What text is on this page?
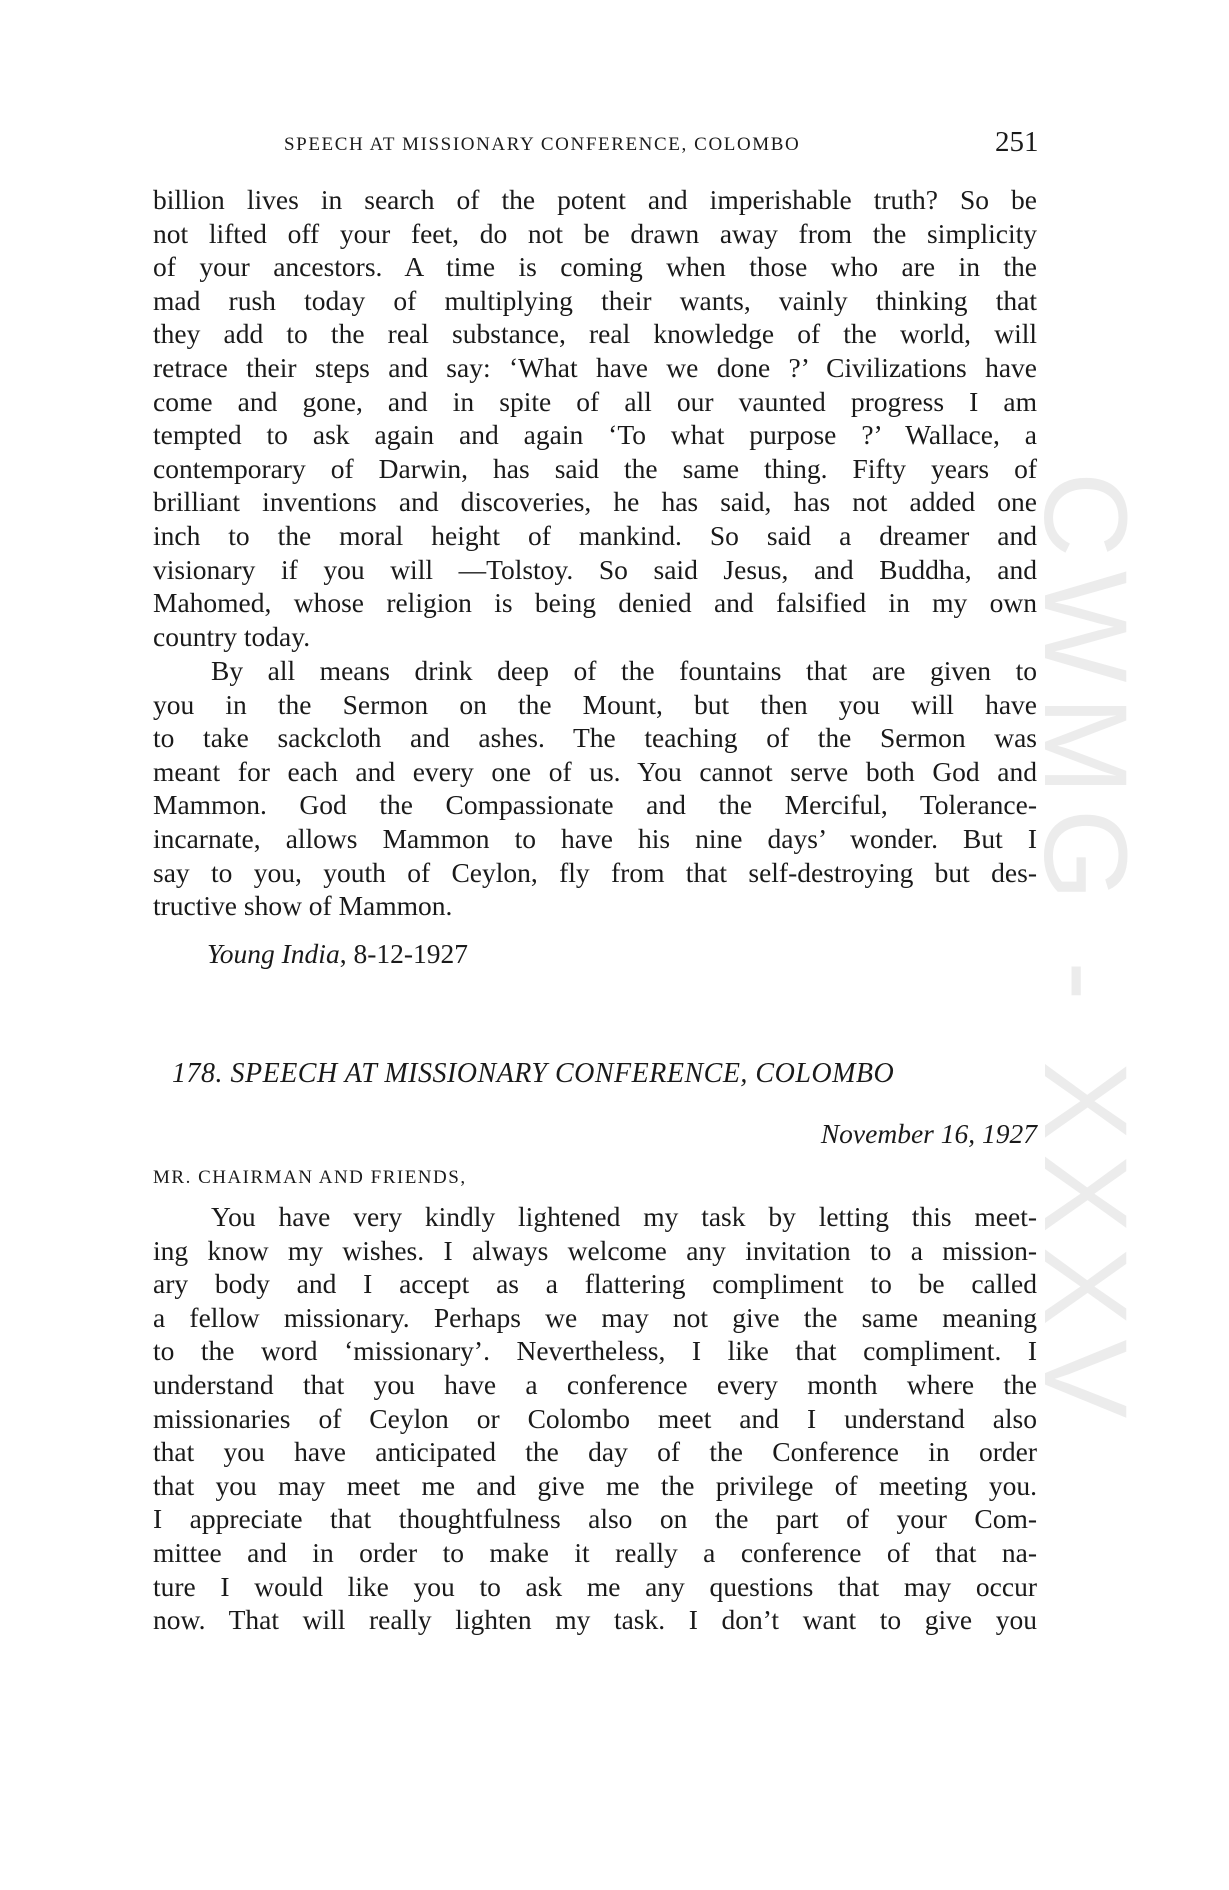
CWMG - XXXV
SPEECH AT MISSIONARY CONFERENCE, COLOMBO	251
billion lives in search of the potent and imperishable truth? So be
not lifted off your feet, do not be drawn away from the simplicity
of your ancestors. A time is coming when those who are in the
mad rush today of multiplying their wants, vainly thinking that
they add to the real substance, real knowledge of the world, will
retrace their steps and say: ‘What have we done ?’ Civilizations have
come and gone, and in spite of all our vaunted progress I am
tempted to ask again and again ‘To what purpose ?’ Wallace, a
contemporary of Darwin, has said the same thing. Fifty years of
brilliant inventions and discoveries, he has said, has not added one
inch to the moral height of mankind. So said a dreamer and
visionary if you will —Tolstoy. So said Jesus, and Buddha, and
Mahomed, whose religion is being denied and falsified in my own
country today.
By all means drink deep of the fountains that are given to
you in the Sermon on the Mount, but then you will have
to take sackcloth and ashes. The teaching of the Sermon was
meant for each and every one of us. You cannot serve both God and
Mammon. God the Compassionate and the Merciful, Tolerance-
incarnate, allows Mammon to have his nine days’ wonder. But I
say to you, youth of Ceylon, fly from that self-destroying but des-
tructive show of Mammon.
Young India, 8-12-1927
178. SPEECH AT MISSIONARY CONFERENCE, COLOMBO
November 16, 1927
MR. CHAIRMAN AND FRIENDS,
You have very kindly lightened my task by letting this meet-
ing know my wishes. I always welcome any invitation to a mission-
ary body and I accept as a flattering compliment to be called
a fellow missionary. Perhaps we may not give the same meaning
to the word ‘missionary’. Nevertheless, I like that compliment. I
understand that you have a conference every month where the
missionaries of Ceylon or Colombo meet and I understand also
that you have anticipated the day of the Conference in order
that you may meet me and give me the privilege of meeting you.
I appreciate that thoughtfulness also on the part of your Com-
mittee and in order to make it really a conference of that na-
ture I would like you to ask me any questions that may occur
now. That will really lighten my task. I don’t want to give you
